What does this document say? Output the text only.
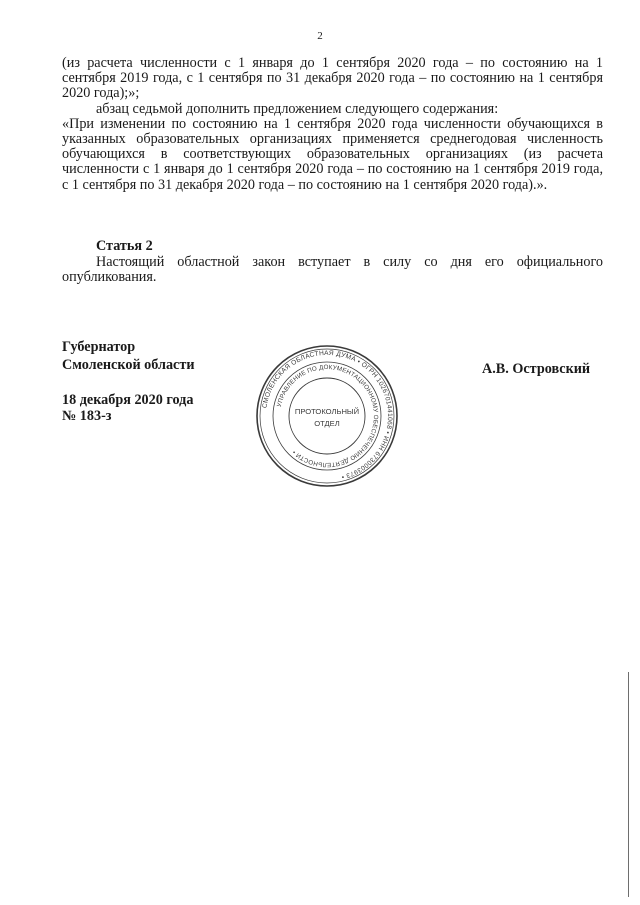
2

(из расчета численности с 1 января до 1 сентября 2020 года – по состоянию на 1 сентября 2019 года, с 1 сентября по 31 декабря 2020 года – по состоянию на 1 сентября 2020 года);»;

абзац седьмой дополнить предложением следующего содержания:

«При изменении по состоянию на 1 сентября 2020 года численности обучающихся в указанных образовательных организациях применяется среднегодовая численность обучающихся в соответствующих образовательных организациях (из расчета численности с 1 января до 1 сентября 2020 года – по состоянию на 1 сентября 2019 года, с 1 сентября по 31 декабря 2020 года – по состоянию на 1 сентября 2020 года).».

Статья 2

Настоящий областной закон вступает в силу со дня его официального опубликования.

Губернатор
Смоленской области
18 декабря 2020 года
№ 183-з
А.В. Островский
СМОЛЕНСКАЯ ОБЛАСТНАЯ ДУМА • ОГРН 1026701441068 • ИНН 6730003973 •
УПРАВЛЕНИЕ ПО ДОКУМЕНТАЦИОННОМУ ОБЕСПЕЧЕНИЮ ДЕЯТЕЛЬНОСТИ •
ПРОТОКОЛЬНЫЙ
ОТДЕЛ
